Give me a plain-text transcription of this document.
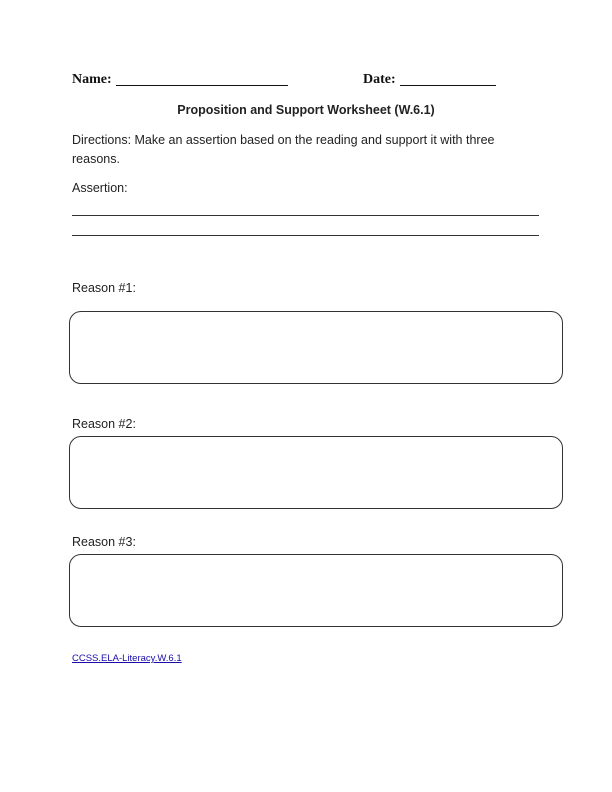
Name:	Date:
Proposition and Support Worksheet (W.6.1)
Directions: Make an assertion based on the reading and support it with three reasons.
Assertion:
Reason #1:
Reason #2:
Reason #3:
CCSS.ELA-Literacy.W.6.1
